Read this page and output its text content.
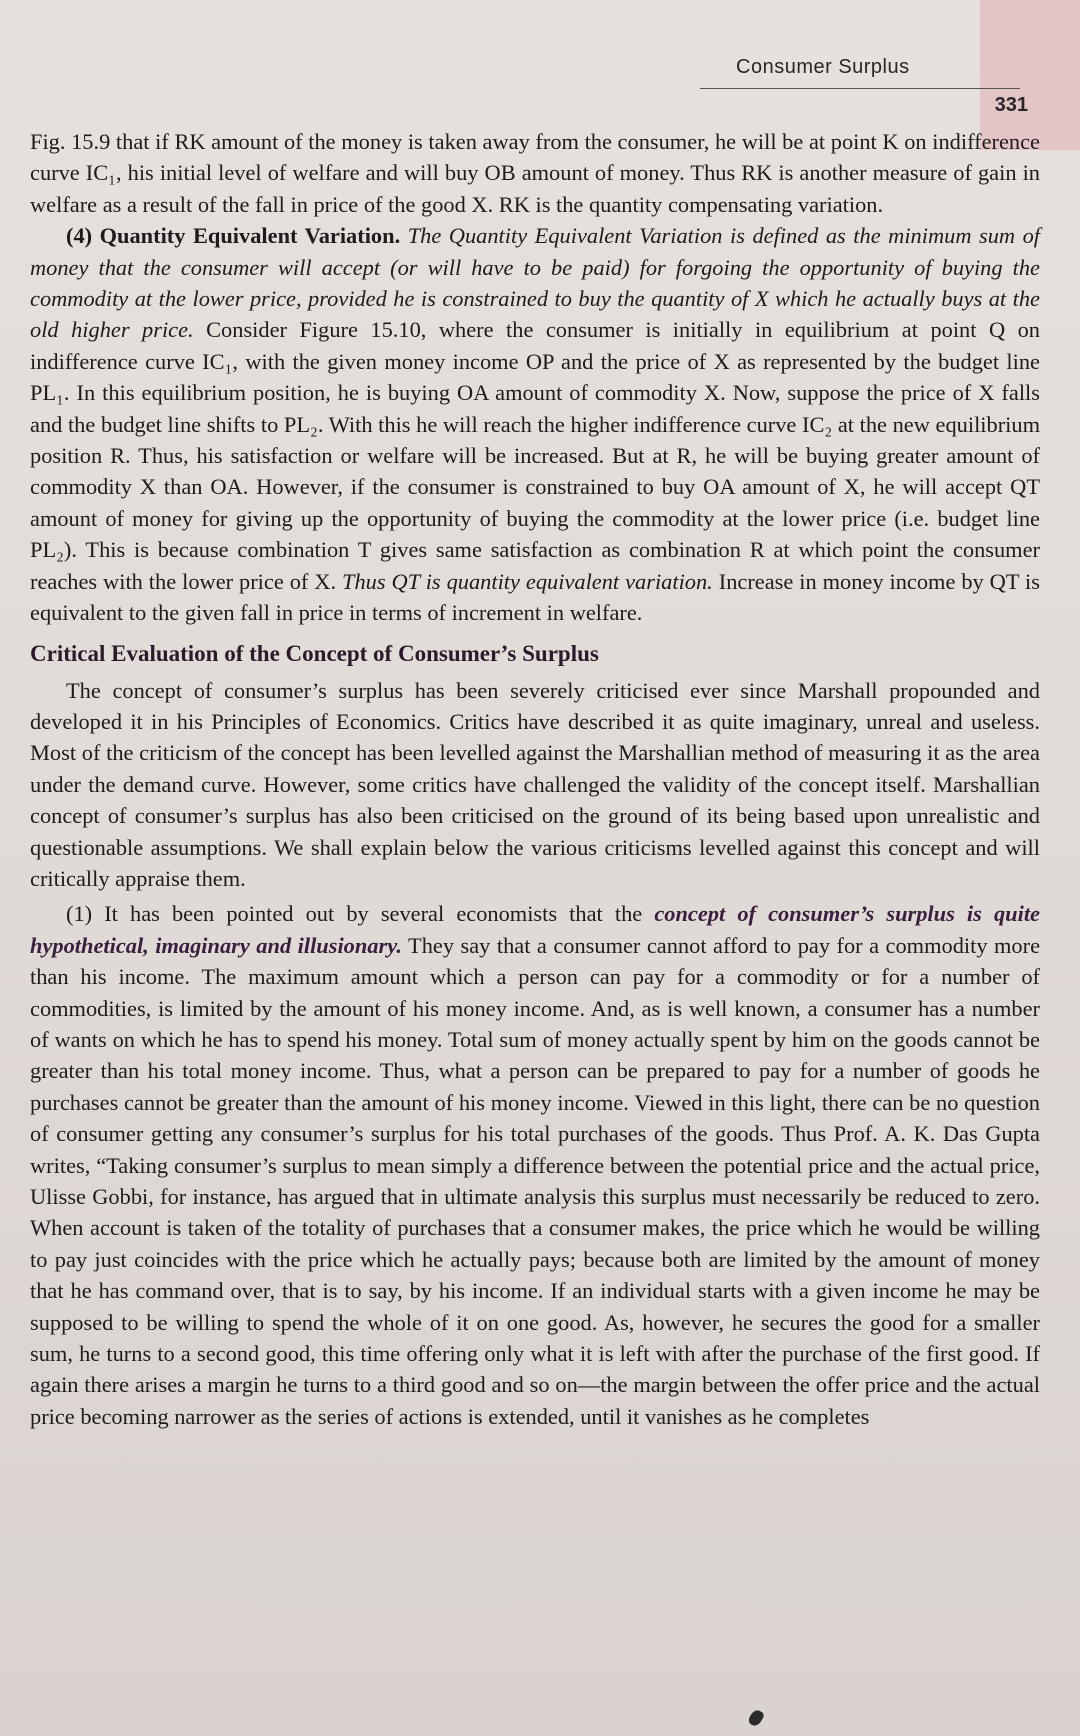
Consumer Surplus
331

Fig. 15.9 that if RK amount of the money is taken away from the consumer, he will be at point K on indifference curve IC₁, his initial level of welfare and will buy OB amount of money. Thus RK is another measure of gain in welfare as a result of the fall in price of the good X. RK is the quantity compensating variation.

(4) Quantity Equivalent Variation. The Quantity Equivalent Variation is defined as the minimum sum of money that the consumer will accept (or will have to be paid) for forgoing the opportunity of buying the commodity at the lower price, provided he is constrained to buy the quantity of X which he actually buys at the old higher price. Consider Figure 15.10, where the consumer is initially in equilibrium at point Q on indifference curve IC₁, with the given money income OP and the price of X as represented by the budget line PL₁. In this equilibrium position, he is buying OA amount of commodity X. Now, suppose the price of X falls and the budget line shifts to PL₂. With this he will reach the higher indifference curve IC₂ at the new equilibrium position R. Thus, his satisfaction or welfare will be increased. But at R, he will be buying greater amount of commodity X than OA. However, if the consumer is constrained to buy OA amount of X, he will accept QT amount of money for giving up the opportunity of buying the commodity at the lower price (i.e. budget line PL₂). This is because combination T gives same satisfaction as combination R at which point the consumer reaches with the lower price of X. Thus QT is quantity equivalent variation. Increase in money income by QT is equivalent to the given fall in price in terms of increment in welfare.

Critical Evaluation of the Concept of Consumer’s Surplus

The concept of consumer’s surplus has been severely criticised ever since Marshall propounded and developed it in his Principles of Economics. Critics have described it as quite imaginary, unreal and useless. Most of the criticism of the concept has been levelled against the Marshallian method of measuring it as the area under the demand curve. However, some critics have challenged the validity of the concept itself. Marshallian concept of consumer’s surplus has also been criticised on the ground of its being based upon unrealistic and questionable assumptions. We shall explain below the various criticisms levelled against this concept and will critically appraise them.

(1) It has been pointed out by several economists that the concept of consumer’s surplus is quite hypothetical, imaginary and illusionary. They say that a consumer cannot afford to pay for a commodity more than his income. The maximum amount which a person can pay for a commodity or for a number of commodities, is limited by the amount of his money income. And, as is well known, a consumer has a number of wants on which he has to spend his money. Total sum of money actually spent by him on the goods cannot be greater than his total money income. Thus, what a person can be prepared to pay for a number of goods he purchases cannot be greater than the amount of his money income. Viewed in this light, there can be no question of consumer getting any consumer’s surplus for his total purchases of the goods. Thus Prof. A. K. Das Gupta writes, “Taking consumer’s surplus to mean simply a difference between the potential price and the actual price, Ulisse Gobbi, for instance, has argued that in ultimate analysis this surplus must necessarily be reduced to zero. When account is taken of the totality of purchases that a consumer makes, the price which he would be willing to pay just coincides with the price which he actually pays; because both are limited by the amount of money that he has command over, that is to say, by his income. If an individual starts with a given income he may be supposed to be willing to spend the whole of it on one good. As, however, he secures the good for a smaller sum, he turns to a second good, this time offering only what it is left with after the purchase of the first good. If again there arises a margin he turns to a third good and so on—the margin between the offer price and the actual price becoming narrower as the series of actions is extended, until it vanishes as he completes
